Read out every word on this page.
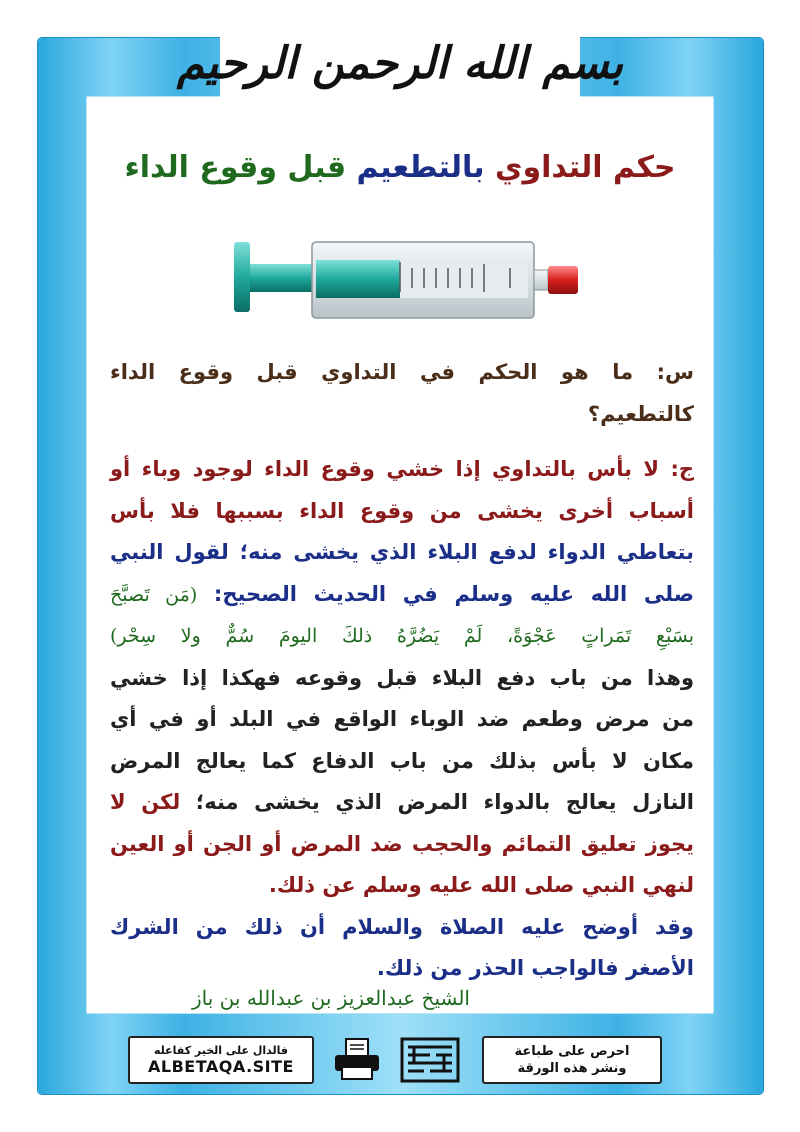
بسم الله الرحمن الرحيم
حكم التداوي بالتطعيم قبل وقوع الداء
س: ما هو الحكم في التداوي قبل وقوع الداء
كالتطعيم؟
ج: لا بأس بالتداوي إذا خشي وقوع الداء لوجود وباء أو
أسباب أخرى يخشى من وقوع الداء بسببها فلا بأس
بتعاطي الدواء لدفع البلاء الذي يخشى منه؛ لقول النبي
صلى الله عليه وسلم في الحديث الصحيح: (مَن تَصبَّحَ
بسَبْعِ تَمَراتٍ عَجْوَةً، لَمْ يَضُرَّهُ ذلكَ اليومَ سُمٌّ ولا سِحْر)
وهذا من باب دفع البلاء قبل وقوعه فهكذا إذا خشي
من مرض وطعم ضد الوباء الواقع في البلد أو في أي
مكان لا بأس بذلك من باب الدفاع كما يعالج المرض
النازل يعالج بالدواء المرض الذي يخشى منه؛ لكن لا
يجوز تعليق التمائم والحجب ضد المرض أو الجن أو العين
لنهي النبي صلى الله عليه وسلم عن ذلك.
وقد أوضح عليه الصلاة والسلام أن ذلك من الشرك
الأصغر فالواجب الحذر من ذلك.
الشيخ عبدالعزيز بن عبدالله بن باز
فالدال على الخير كفاعله
ALBETAQA.SITE
احرص على طباعة
ونشر هذه الورقة
